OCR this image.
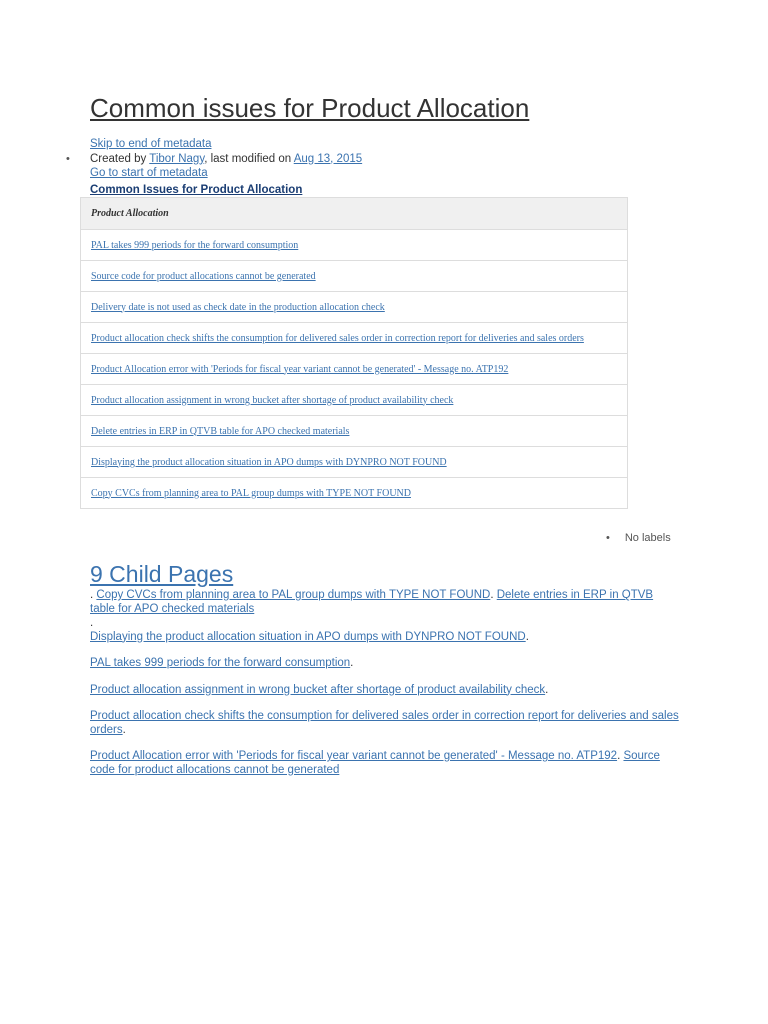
Common issues for Product Allocation
Skip to end of metadata
• Created by Tibor Nagy, last modified on Aug 13, 2015
Go to start of metadata
Common Issues for Product Allocation
Product Allocation
PAL takes 999 periods for the forward consumption
Source code for product allocations cannot be generated
Delivery date is not used as check date in the production allocation check
Product allocation check shifts the consumption for delivered sales order in correction report for deliveries and sales orders
Product Allocation error with 'Periods for fiscal year variant cannot be generated' - Message no. ATP192
Product allocation assignment in wrong bucket after shortage of product availability check
Delete entries in ERP in QTVB table for APO checked materials
Displaying the product allocation situation in APO dumps with DYNPRO NOT FOUND
Copy CVCs from planning area to PAL group dumps with TYPE NOT FOUND
• No labels
9 Child Pages

. Copy CVCs from planning area to PAL group dumps with TYPE NOT FOUND. Delete entries in ERP in QTVB table for APO checked materials

.

Displaying the product allocation situation in APO dumps with DYNPRO NOT FOUND.

PAL takes 999 periods for the forward consumption.

Product allocation assignment in wrong bucket after shortage of product availability check.

Product allocation check shifts the consumption for delivered sales order in correction report for deliveries and sales orders.

Product Allocation error with 'Periods for fiscal year variant cannot be generated' - Message no. ATP192. Source code for product allocations cannot be generated
